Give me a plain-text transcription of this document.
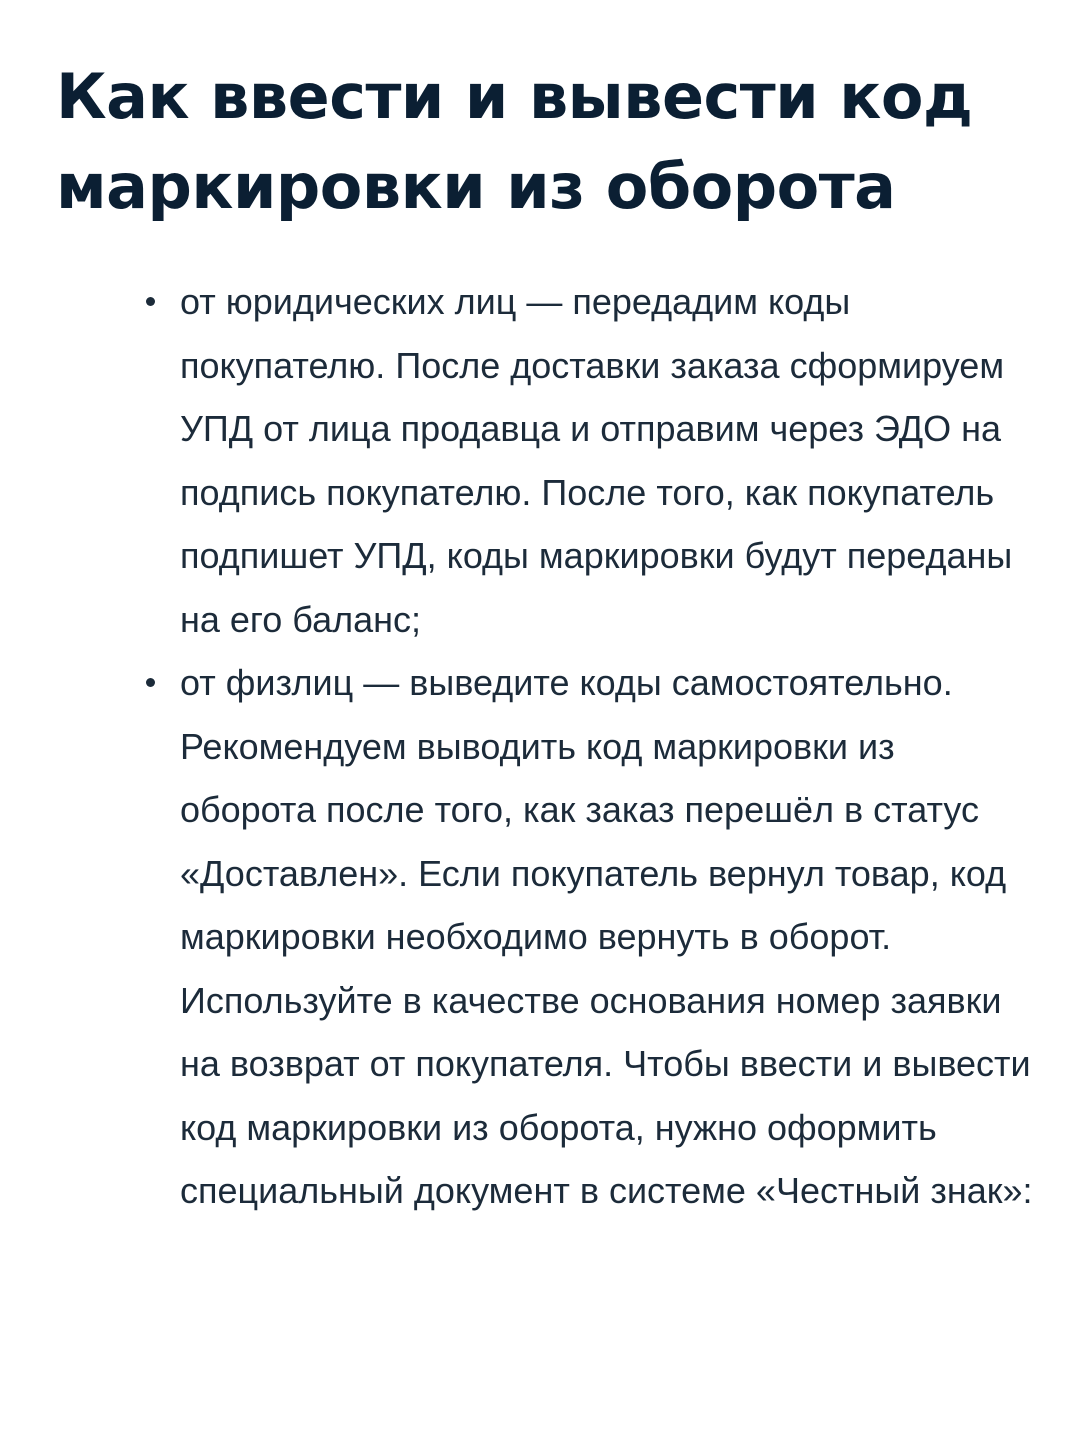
Как ввести и вывести код маркировки из оборота
от юридических лиц — передадим коды покупателю. После доставки заказа сформируем УПД от лица продавца и отправим через ЭДО на подпись покупателю. После того, как покупатель подпишет УПД, коды маркировки будут переданы на его баланс;
от физлиц — выведите коды самостоятельно. Рекомендуем выводить код маркировки из оборота после того, как заказ перешёл в статус «Доставлен». Если покупатель вернул товар, код маркировки необходимо вернуть в оборот. Используйте в качестве основания номер заявки на возврат от покупателя. Чтобы ввести и вывести код маркировки из оборота, нужно оформить специальный документ в системе «Честный знак»:
